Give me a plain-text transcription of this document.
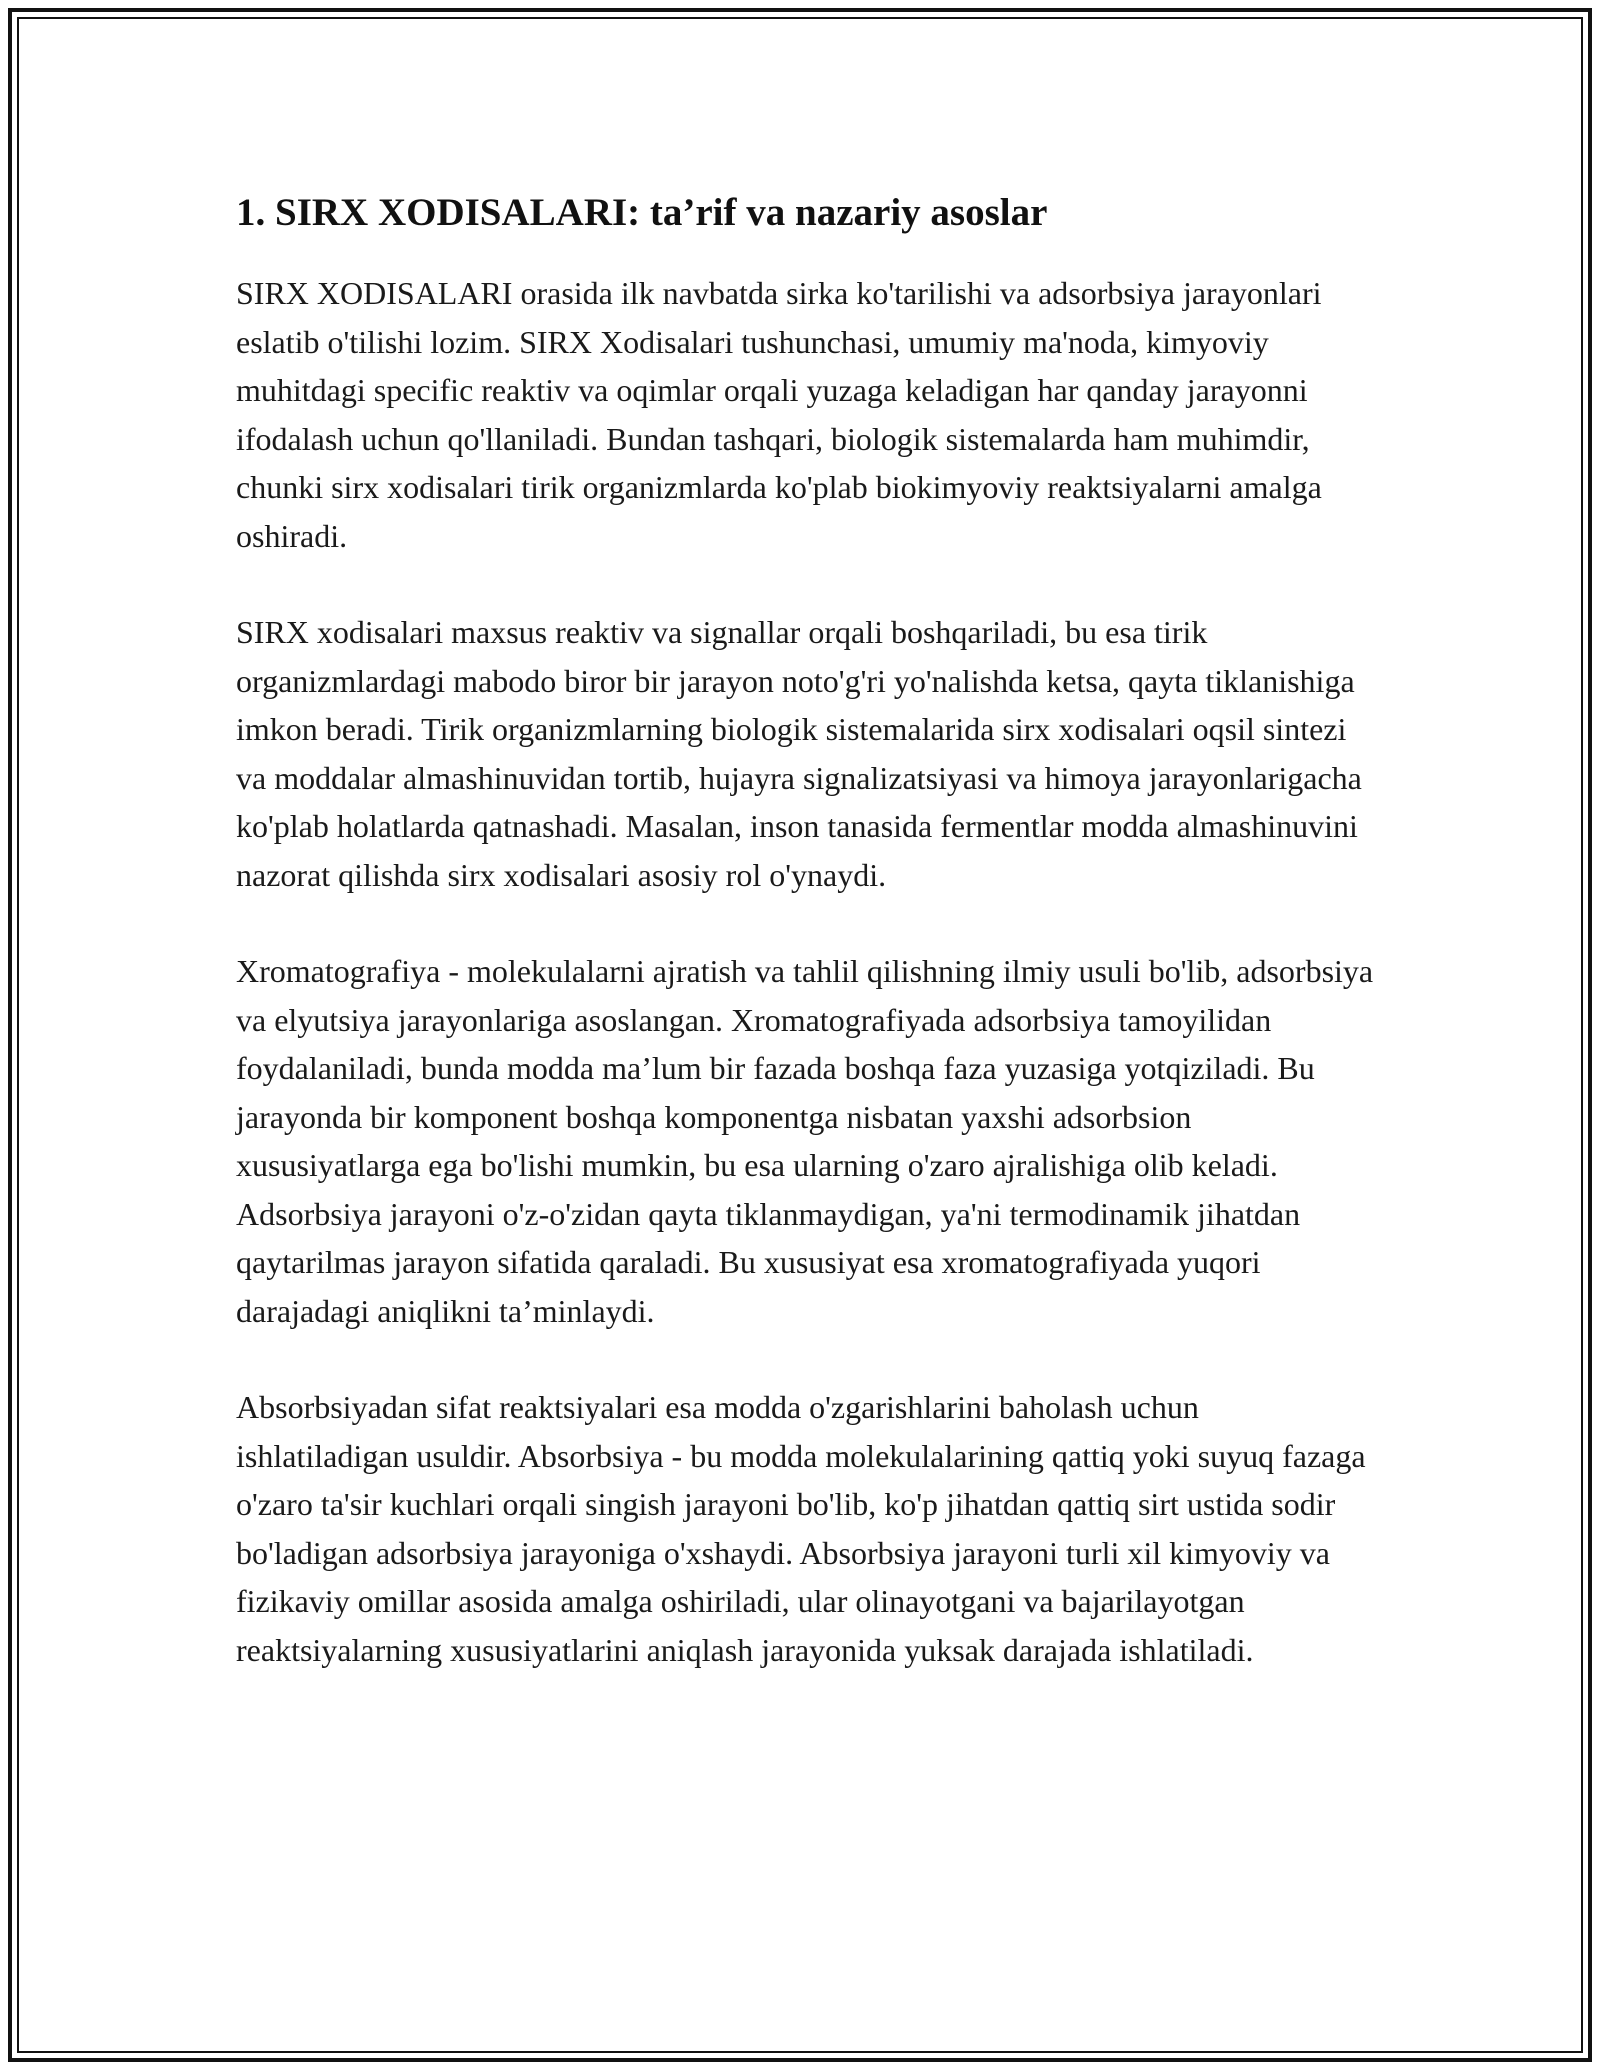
1. SIRX XODISALARI: ta’rif va nazariy asoslar

SIRX XODISALARI orasida ilk navbatda sirka ko'tarilishi va adsorbsiya jarayonlari eslatib o'tilishi lozim. SIRX Xodisalari tushunchasi, umumiy ma'noda, kimyoviy muhitdagi specific reaktiv va oqimlar orqali yuzaga keladigan har qanday jarayonni ifodalash uchun qo'llaniladi. Bundan tashqari, biologik sistemalarda ham muhimdir, chunki sirx xodisalari tirik organizmlarda ko'plab biokimyoviy reaktsiyalarni amalga oshiradi.

SIRX xodisalari maxsus reaktiv va signallar orqali boshqariladi, bu esa tirik organizmlardagi mabodo biror bir jarayon noto'g'ri yo'nalishda ketsa, qayta tiklanishiga imkon beradi. Tirik organizmlarning biologik sistemalarida sirx xodisalari oqsil sintezi va moddalar almashinuvidan tortib, hujayra signalizatsiyasi va himoya jarayonlarigacha ko'plab holatlarda qatnashadi. Masalan, inson tanasida fermentlar modda almashinuvini nazorat qilishda sirx xodisalari asosiy rol o'ynaydi.

Xromatografiya - molekulalarni ajratish va tahlil qilishning ilmiy usuli bo'lib, adsorbsiya va elyutsiya jarayonlariga asoslangan. Xromatografiyada adsorbsiya tamoyilidan foydalaniladi, bunda modda ma’lum bir fazada boshqa faza yuzasiga yotqiziladi. Bu jarayonda bir komponent boshqa komponentga nisbatan yaxshi adsorbsion xususiyatlarga ega bo'lishi mumkin, bu esa ularning o'zaro ajralishiga olib keladi. Adsorbsiya jarayoni o'z-o'zidan qayta tiklanmaydigan, ya'ni termodinamik jihatdan qaytarilmas jarayon sifatida qaraladi. Bu xususiyat esa xromatografiyada yuqori darajadagi aniqlikni ta’minlaydi.

Absorbsiyadan sifat reaktsiyalari esa modda o'zgarishlarini baholash uchun ishlatiladigan usuldir. Absorbsiya - bu modda molekulalarining qattiq yoki suyuq fazaga o'zaro ta'sir kuchlari orqali singish jarayoni bo'lib, ko'p jihatdan qattiq sirt ustida sodir bo'ladigan adsorbsiya jarayoniga o'xshaydi. Absorbsiya jarayoni turli xil kimyoviy va fizikaviy omillar asosida amalga oshiriladi, ular olinayotgani va bajarilayotgan reaktsiyalarning xususiyatlarini aniqlash jarayonida yuksak darajada ishlatiladi.
